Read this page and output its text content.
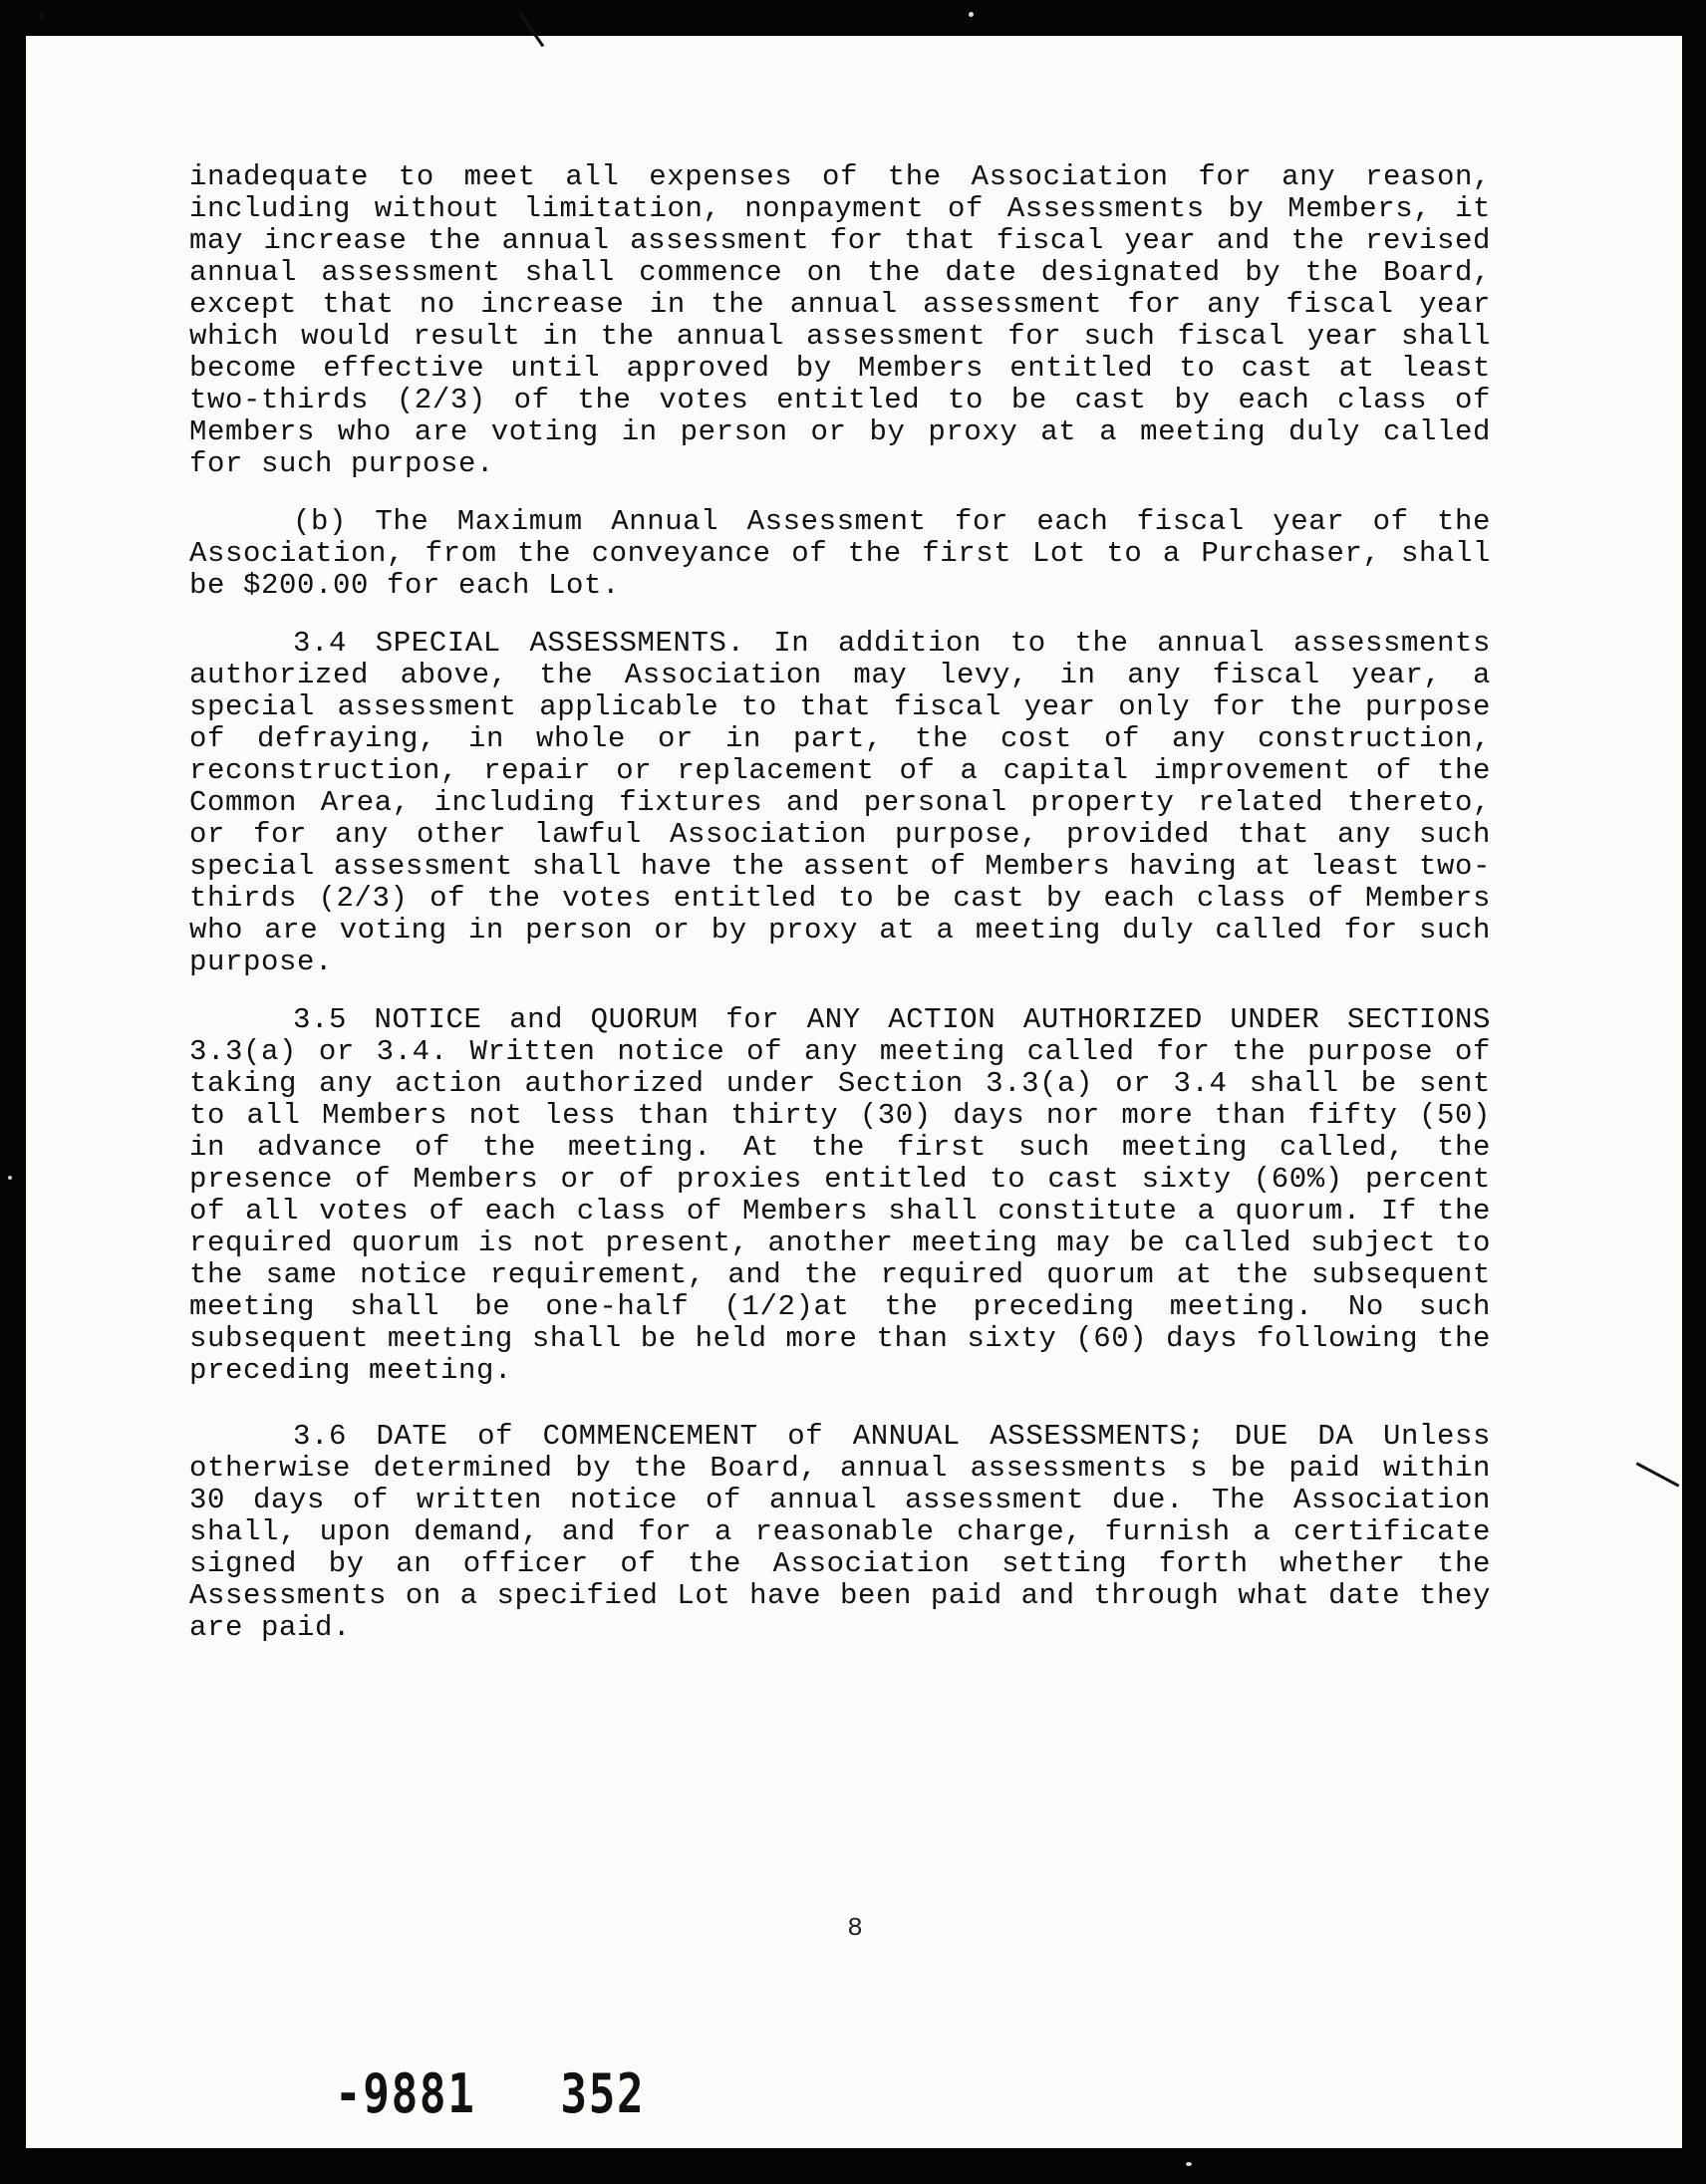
inadequate to meet all expenses of the Association for any reason, including without limitation, nonpayment of Assessments by Members, it may increase the annual assessment for that fiscal year and the revised annual assessment shall commence on the date designated by the Board, except that no increase in the annual assessment for any fiscal year which would result in the annual assessment for such fiscal year shall become effective until approved by Members entitled to cast at least two-thirds (2/3) of the votes entitled to be cast by each class of Members who are voting in person or by proxy at a meeting duly called for such purpose.

(b) The Maximum Annual Assessment for each fiscal year of the Association, from the conveyance of the first Lot to a Purchaser, shall be $200.00 for each Lot.

3.4 SPECIAL ASSESSMENTS. In addition to the annual assessments authorized above, the Association may levy, in any fiscal year, a special assessment applicable to that fiscal year only for the purpose of defraying, in whole or in part, the cost of any construction, reconstruction, repair or replacement of a capital improvement of the Common Area, including fixtures and personal property related thereto, or for any other lawful Association purpose, provided that any such special assessment shall have the assent of Members having at least two-thirds (2/3) of the votes entitled to be cast by each class of Members who are voting in person or by proxy at a meeting duly called for such purpose.

3.5 NOTICE and QUORUM for ANY ACTION AUTHORIZED UNDER SECTIONS 3.3(a) or 3.4. Written notice of any meeting called for the purpose of taking any action authorized under Section 3.3(a) or 3.4 shall be sent to all Members not less than thirty (30) days nor more than fifty (50) in advance of the meeting. At the first such meeting called, the presence of Members or of proxies entitled to cast sixty (60%) percent of all votes of each class of Members shall constitute a quorum. If the required quorum is not present, another meeting may be called subject to the same notice requirement, and the required quorum at the subsequent meeting shall be one-half (1/2)at the preceding meeting. No such subsequent meeting shall be held more than sixty (60) days following the preceding meeting.

3.6 DATE of COMMENCEMENT of ANNUAL ASSESSMENTS; DUE DA Unless otherwise determined by the Board, annual assessments s be paid within 30 days of written notice of annual assessment due. The Association shall, upon demand, and for a reasonable charge, furnish a certificate signed by an officer of the Association setting forth whether the Assessments on a specified Lot have been paid and through what date they are paid.

8
-9881   352
